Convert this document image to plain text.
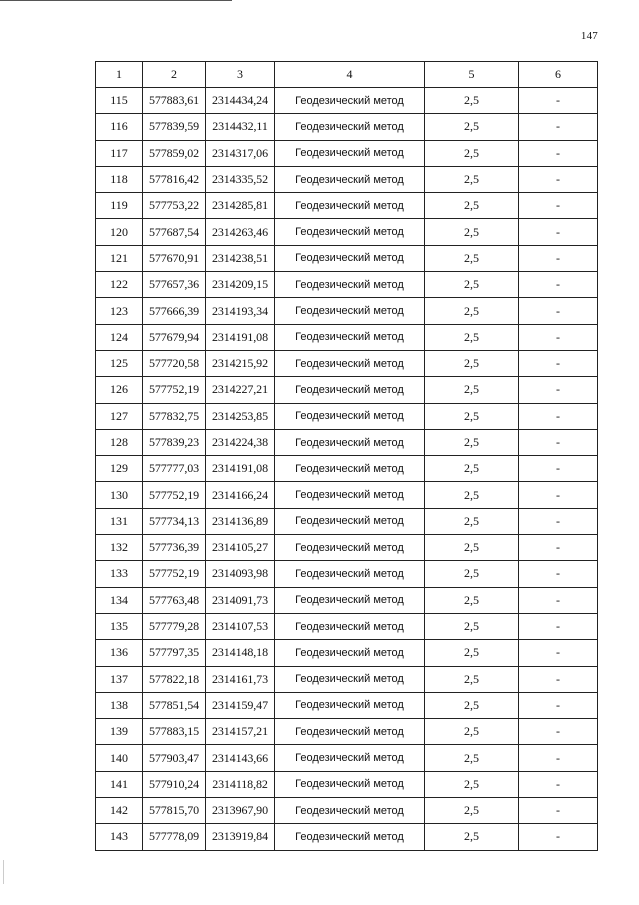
147
1	2	3	4	5	6
115	577883,61	2314434,24	Геодезический метод	2,5	-
116	577839,59	2314432,11	Геодезический метод	2,5	-
117	577859,02	2314317,06	Геодезический метод	2,5	-
118	577816,42	2314335,52	Геодезический метод	2,5	-
119	577753,22	2314285,81	Геодезический метод	2,5	-
120	577687,54	2314263,46	Геодезический метод	2,5	-
121	577670,91	2314238,51	Геодезический метод	2,5	-
122	577657,36	2314209,15	Геодезический метод	2,5	-
123	577666,39	2314193,34	Геодезический метод	2,5	-
124	577679,94	2314191,08	Геодезический метод	2,5	-
125	577720,58	2314215,92	Геодезический метод	2,5	-
126	577752,19	2314227,21	Геодезический метод	2,5	-
127	577832,75	2314253,85	Геодезический метод	2,5	-
128	577839,23	2314224,38	Геодезический метод	2,5	-
129	577777,03	2314191,08	Геодезический метод	2,5	-
130	577752,19	2314166,24	Геодезический метод	2,5	-
131	577734,13	2314136,89	Геодезический метод	2,5	-
132	577736,39	2314105,27	Геодезический метод	2,5	-
133	577752,19	2314093,98	Геодезический метод	2,5	-
134	577763,48	2314091,73	Геодезический метод	2,5	-
135	577779,28	2314107,53	Геодезический метод	2,5	-
136	577797,35	2314148,18	Геодезический метод	2,5	-
137	577822,18	2314161,73	Геодезический метод	2,5	-
138	577851,54	2314159,47	Геодезический метод	2,5	-
139	577883,15	2314157,21	Геодезический метод	2,5	-
140	577903,47	2314143,66	Геодезический метод	2,5	-
141	577910,24	2314118,82	Геодезический метод	2,5	-
142	577815,70	2313967,90	Геодезический метод	2,5	-
143	577778,09	2313919,84	Геодезический метод	2,5	-
